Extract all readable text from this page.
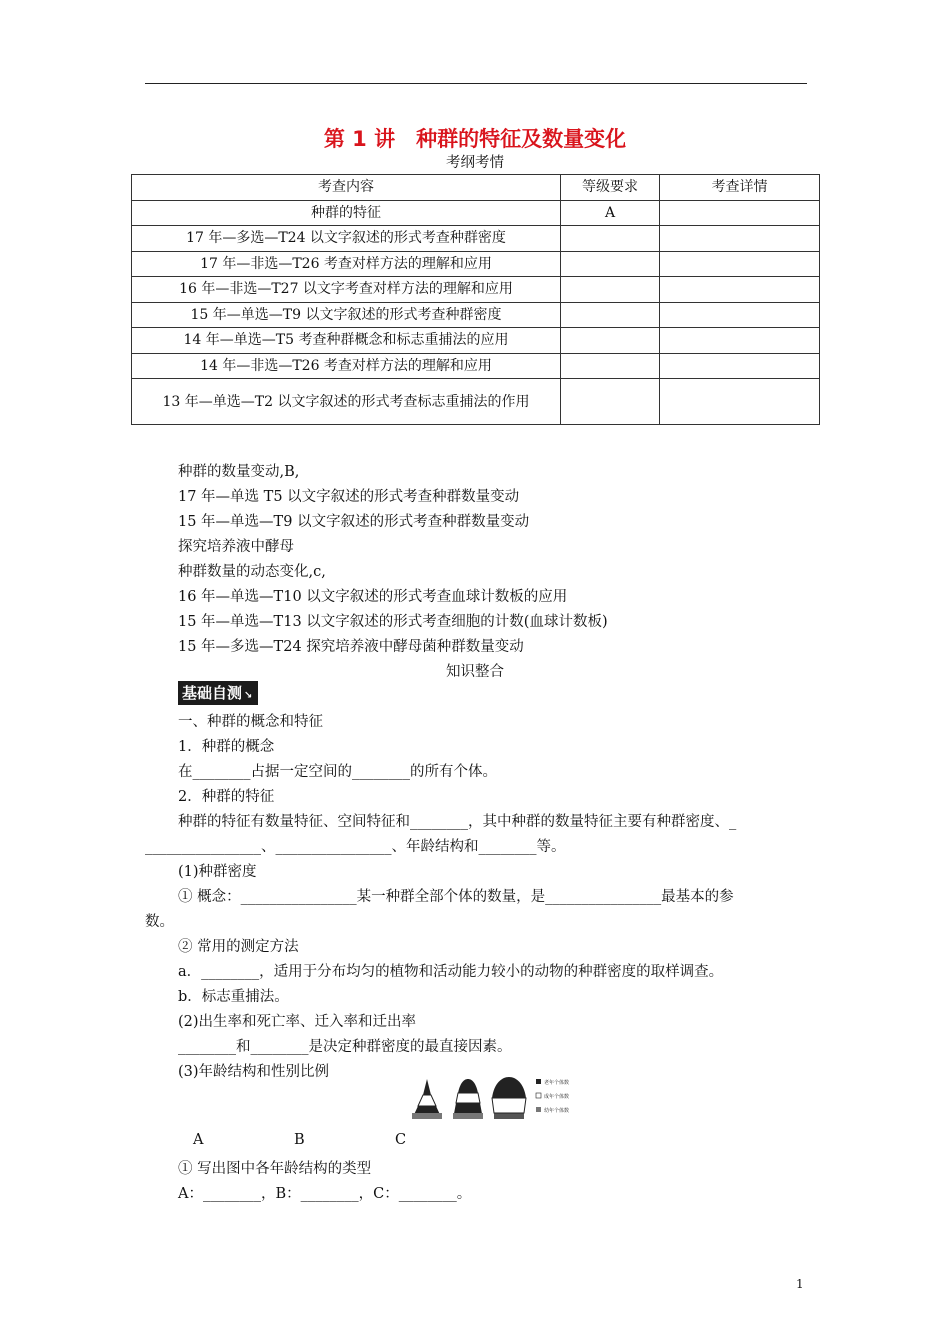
第 1 讲　种群的特征及数量变化
考纲考情
考查内容	等级要求	考查详情
种群的特征	A	
17 年—多选—T24 以文字叙述的形式考查种群密度		
17 年—非选—T26 考查对样方法的理解和应用		
16 年—非选—T27 以文字考查对样方法的理解和应用		
15 年—单选—T9 以文字叙述的形式考查种群密度		
14 年—单选—T5 考查种群概念和标志重捕法的应用		
14 年—非选—T26 考查对样方法的理解和应用		
13 年—单选—T2 以文字叙述的形式考查标志重捕法的作用		
种群的数量变动,B,
17 年—单选 T5 以文字叙述的形式考查种群数量变动
15 年—单选—T9 以文字叙述的形式考查种群数量变动
探究培养液中酵母
种群数量的动态变化,c,
16 年—单选—T10 以文字叙述的形式考查血球计数板的应用
15 年—单选—T13 以文字叙述的形式考查细胞的计数(血球计数板)
15 年—多选—T24 探究培养液中酵母菌种群数量变动
知识整合
基础自测 ↘
一、种群的概念和特征
1．种群的概念
在________占据一定空间的________的所有个体。
2．种群的特征
种群的特征有数量特征、空间特征和________，其中种群的数量特征主要有种群密度、_
________________、________________、年龄结构和________等。
(1)种群密度
① 概念：________________某一种群全部个体的数量，是________________最基本的参
数。
② 常用的测定方法
a．________，适用于分布均匀的植物和活动能力较小的动物的种群密度的取样调查。
b．标志重捕法。
(2)出生率和死亡率、迁入率和迁出率
________和________是决定种群密度的最直接因素。
(3)年龄结构和性别比例
老年个体数
成年个体数
幼年个体数
A	B	C
① 写出图中各年龄结构的类型
A：________，B：________，C：________。
1
